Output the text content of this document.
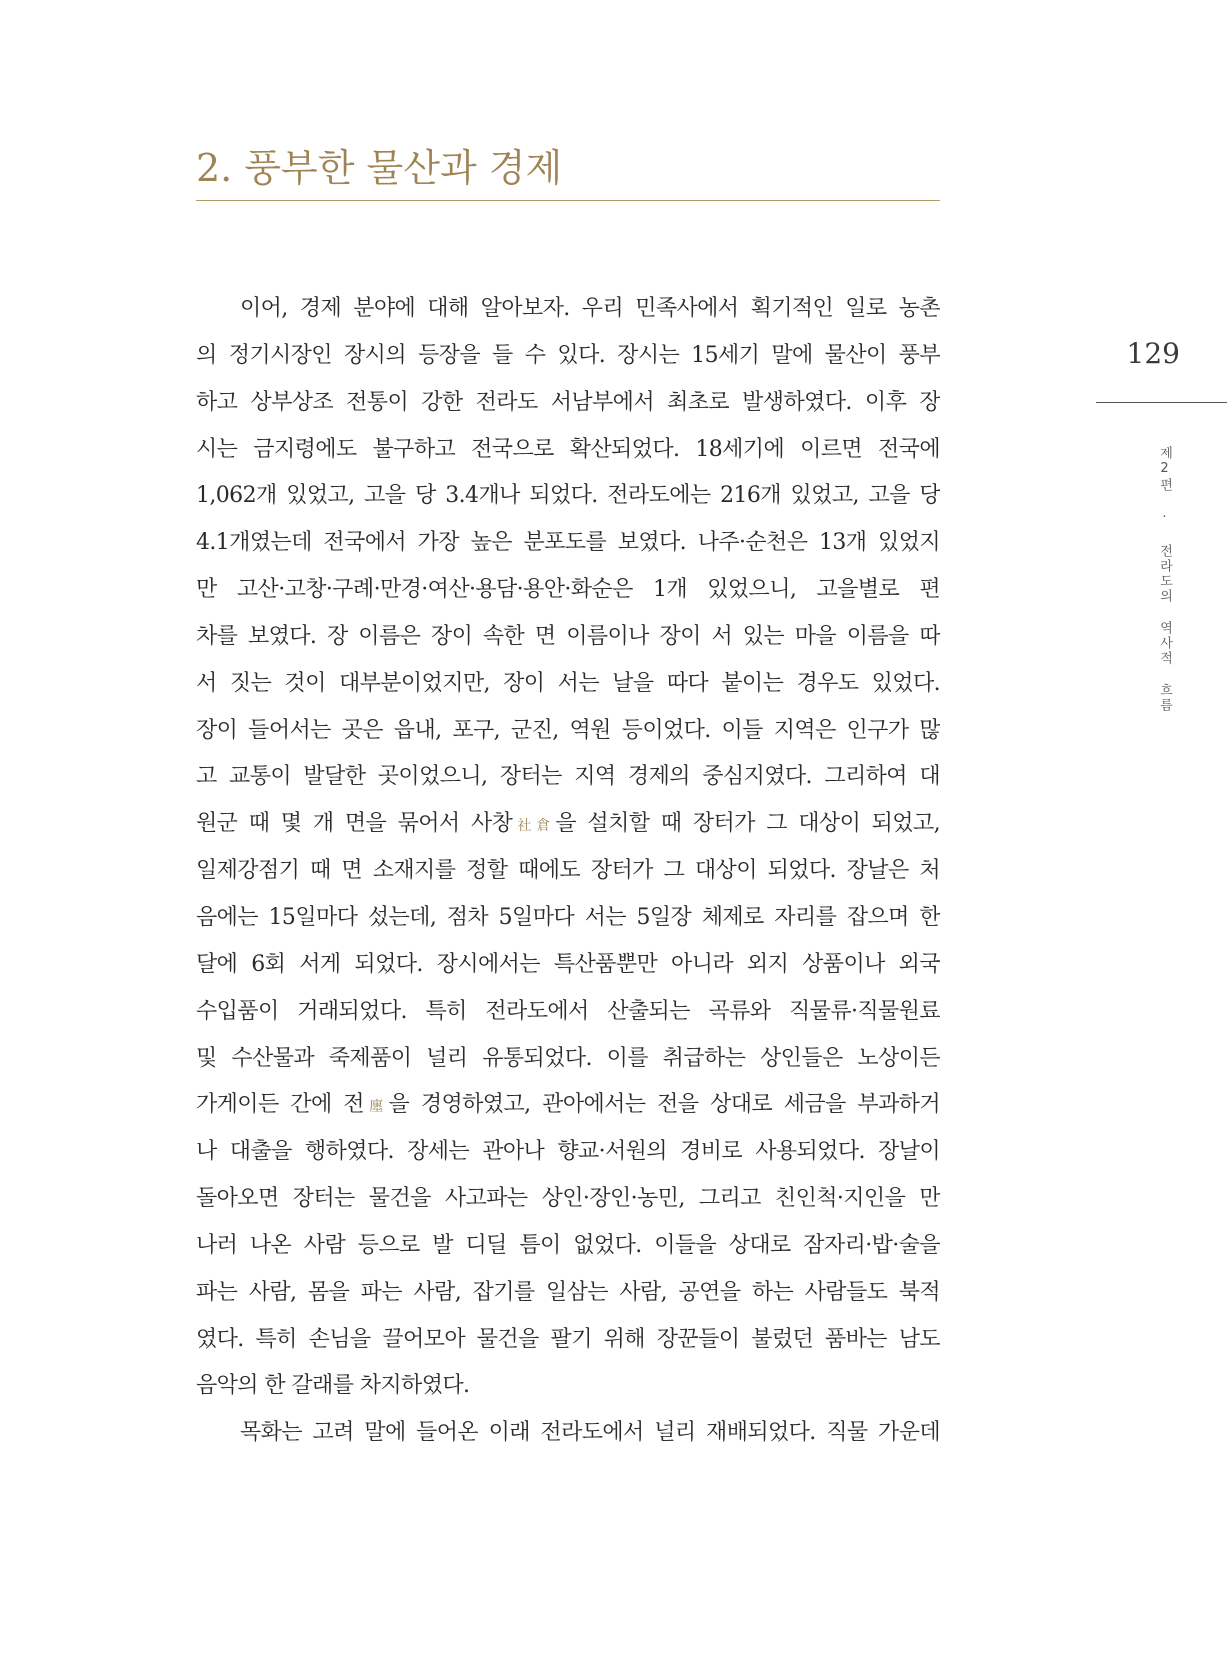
2. 풍부한 물산과 경제
이어, 경제 분야에 대해 알아보자. 우리 민족사에서 획기적인 일로 농촌
의 정기시장인 장시의 등장을 들 수 있다. 장시는 15세기 말에 물산이 풍부
하고 상부상조 전통이 강한 전라도 서남부에서 최초로 발생하였다. 이후 장
시는 금지령에도 불구하고 전국으로 확산되었다. 18세기에 이르면 전국에
1,062개 있었고, 고을 당 3.4개나 되었다. 전라도에는 216개 있었고, 고을 당
4.1개였는데 전국에서 가장 높은 분포도를 보였다. 나주·순천은 13개 있었지
만 고산·고창·구례·만경·여산·용담·용안·화순은 1개 있었으니, 고을별로 편
차를 보였다. 장 이름은 장이 속한 면 이름이나 장이 서 있는 마을 이름을 따
서 짓는 것이 대부분이었지만, 장이 서는 날을 따다 붙이는 경우도 있었다.
장이 들어서는 곳은 읍내, 포구, 군진, 역원 등이었다. 이들 지역은 인구가 많
고 교통이 발달한 곳이었으니, 장터는 지역 경제의 중심지였다. 그리하여 대
원군 때 몇 개 면을 묶어서 사창社倉을 설치할 때 장터가 그 대상이 되었고,
일제강점기 때 면 소재지를 정할 때에도 장터가 그 대상이 되었다. 장날은 처
음에는 15일마다 섰는데, 점차 5일마다 서는 5일장 체제로 자리를 잡으며 한
달에 6회 서게 되었다. 장시에서는 특산품뿐만 아니라 외지 상품이나 외국
수입품이 거래되었다. 특히 전라도에서 산출되는 곡류와 직물류·직물원료
및 수산물과 죽제품이 널리 유통되었다. 이를 취급하는 상인들은 노상이든
가게이든 간에 전廛을 경영하였고, 관아에서는 전을 상대로 세금을 부과하거
나 대출을 행하였다. 장세는 관아나 향교·서원의 경비로 사용되었다. 장날이
돌아오면 장터는 물건을 사고파는 상인·장인·농민, 그리고 친인척·지인을 만
나러 나온 사람 등으로 발 디딜 틈이 없었다. 이들을 상대로 잠자리·밥·술을
파는 사람, 몸을 파는 사람, 잡기를 일삼는 사람, 공연을 하는 사람들도 북적
였다. 특히 손님을 끌어모아 물건을 팔기 위해 장꾼들이 불렀던 품바는 남도
음악의 한 갈래를 차지하였다.
목화는 고려 말에 들어온 이래 전라도에서 널리 재배되었다. 직물 가운데
129
제2편 · 전라도의 역사적 흐름
